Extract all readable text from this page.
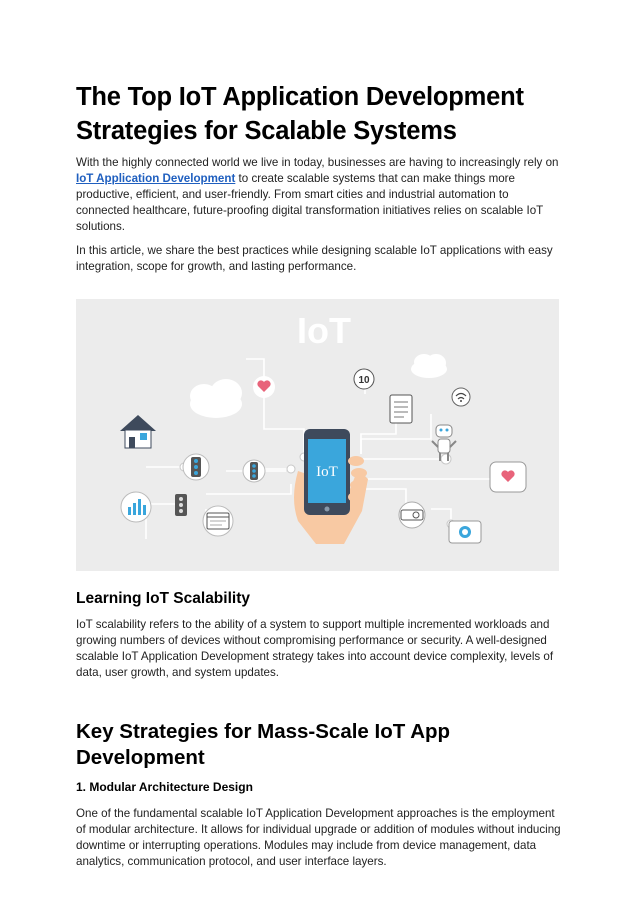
The Top IoT Application Development Strategies for Scalable Systems

With the highly connected world we live in today, businesses are having to increasingly rely on IoT Application Development to create scalable systems that can make things more productive, efficient, and user-friendly. From smart cities and industrial automation to connected healthcare, future-proofing digital transformation initiatives relies on scalable IoT solutions.

In this article, we share the best practices while designing scalable IoT applications with easy integration, scope for growth, and lasting performance.

IoT
10
IoT
Learning IoT Scalability

IoT scalability refers to the ability of a system to support multiple incremented workloads and growing numbers of devices without compromising performance or security. A well-designed scalable IoT Application Development strategy takes into account device complexity, levels of data, user growth, and system updates.

Key Strategies for Mass-Scale IoT App Development
1. Modular Architecture Design

One of the fundamental scalable IoT Application Development approaches is the employment of modular architecture. It allows for individual upgrade or addition of modules without inducing downtime or interrupting operations. Modules may include from device management, data analytics, communication protocol, and user interface layers.
